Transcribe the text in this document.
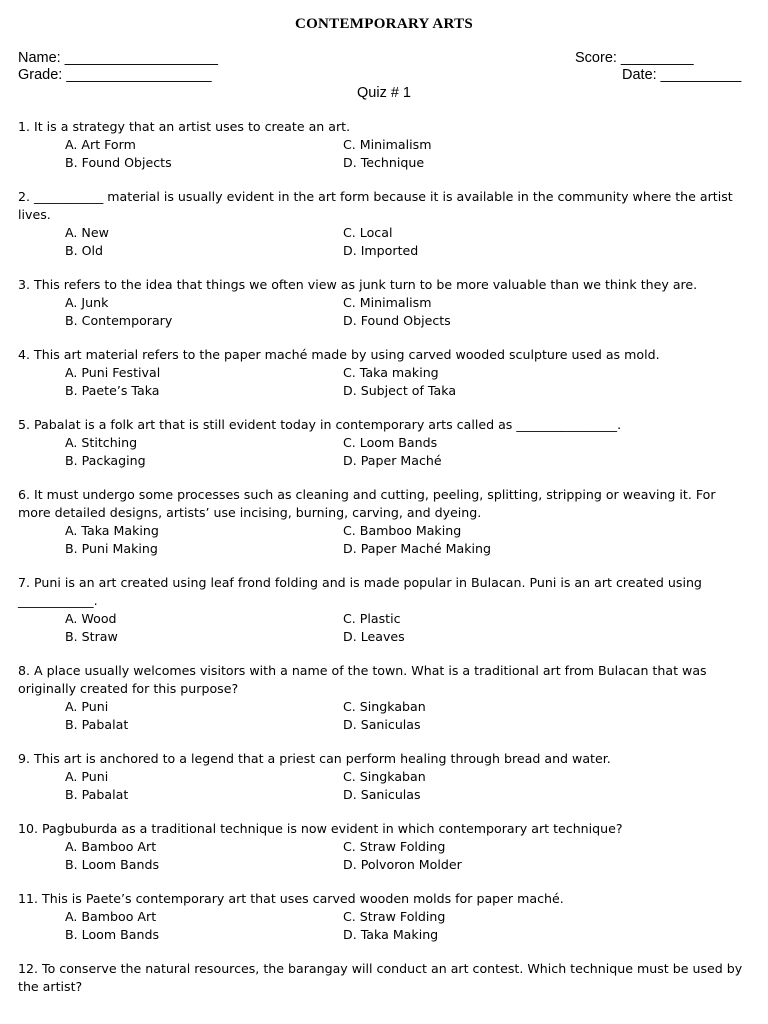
CONTEMPORARY ARTS
Name: ___________________
Grade: __________________
Score: _________
Date: __________
Quiz # 1
1. It is a strategy that an artist uses to create an art.
A. Art Form	C. Minimalism
B. Found Objects	D. Technique
2. ___________ material is usually evident in the art form because it is available in the community where the artist lives.
A. New	C. Local
B. Old	D. Imported
3. This refers to the idea that things we often view as junk turn to be more valuable than we think they are.
A. Junk	C. Minimalism
B. Contemporary	D. Found Objects
4. This art material refers to the paper maché made by using carved wooded sculpture used as mold.
A. Puni Festival	C. Taka making
B. Paete’s Taka	D. Subject of Taka
5. Pabalat is a folk art that is still evident today in contemporary arts called as ________________.
A. Stitching	C. Loom Bands
B. Packaging	D. Paper Maché
6. It must undergo some processes such as cleaning and cutting, peeling, splitting, stripping or weaving it. For more detailed designs, artists’ use incising, burning, carving, and dyeing.
A. Taka Making	C. Bamboo Making
B. Puni Making	D. Paper Maché Making
7. Puni is an art created using leaf frond folding and is made popular in Bulacan. Puni is an art created using ____________.
A. Wood	C. Plastic
B. Straw	D. Leaves
8. A place usually welcomes visitors with a name of the town. What is a traditional art from Bulacan that was originally created for this purpose?
A. Puni	C. Singkaban
B. Pabalat	D. Saniculas
9. This art is anchored to a legend that a priest can perform healing through bread and water.
A. Puni	C. Singkaban
B. Pabalat	D. Saniculas
10. Pagbuburda as a traditional technique is now evident in which contemporary art technique?
A. Bamboo Art	C. Straw Folding
B. Loom Bands	D. Polvoron Molder
11. This is Paete’s contemporary art that uses carved wooden molds for paper maché.
A. Bamboo Art	C. Straw Folding
B. Loom Bands	D. Taka Making
12. To conserve the natural resources, the barangay will conduct an art contest. Which technique must be used by the artist?
